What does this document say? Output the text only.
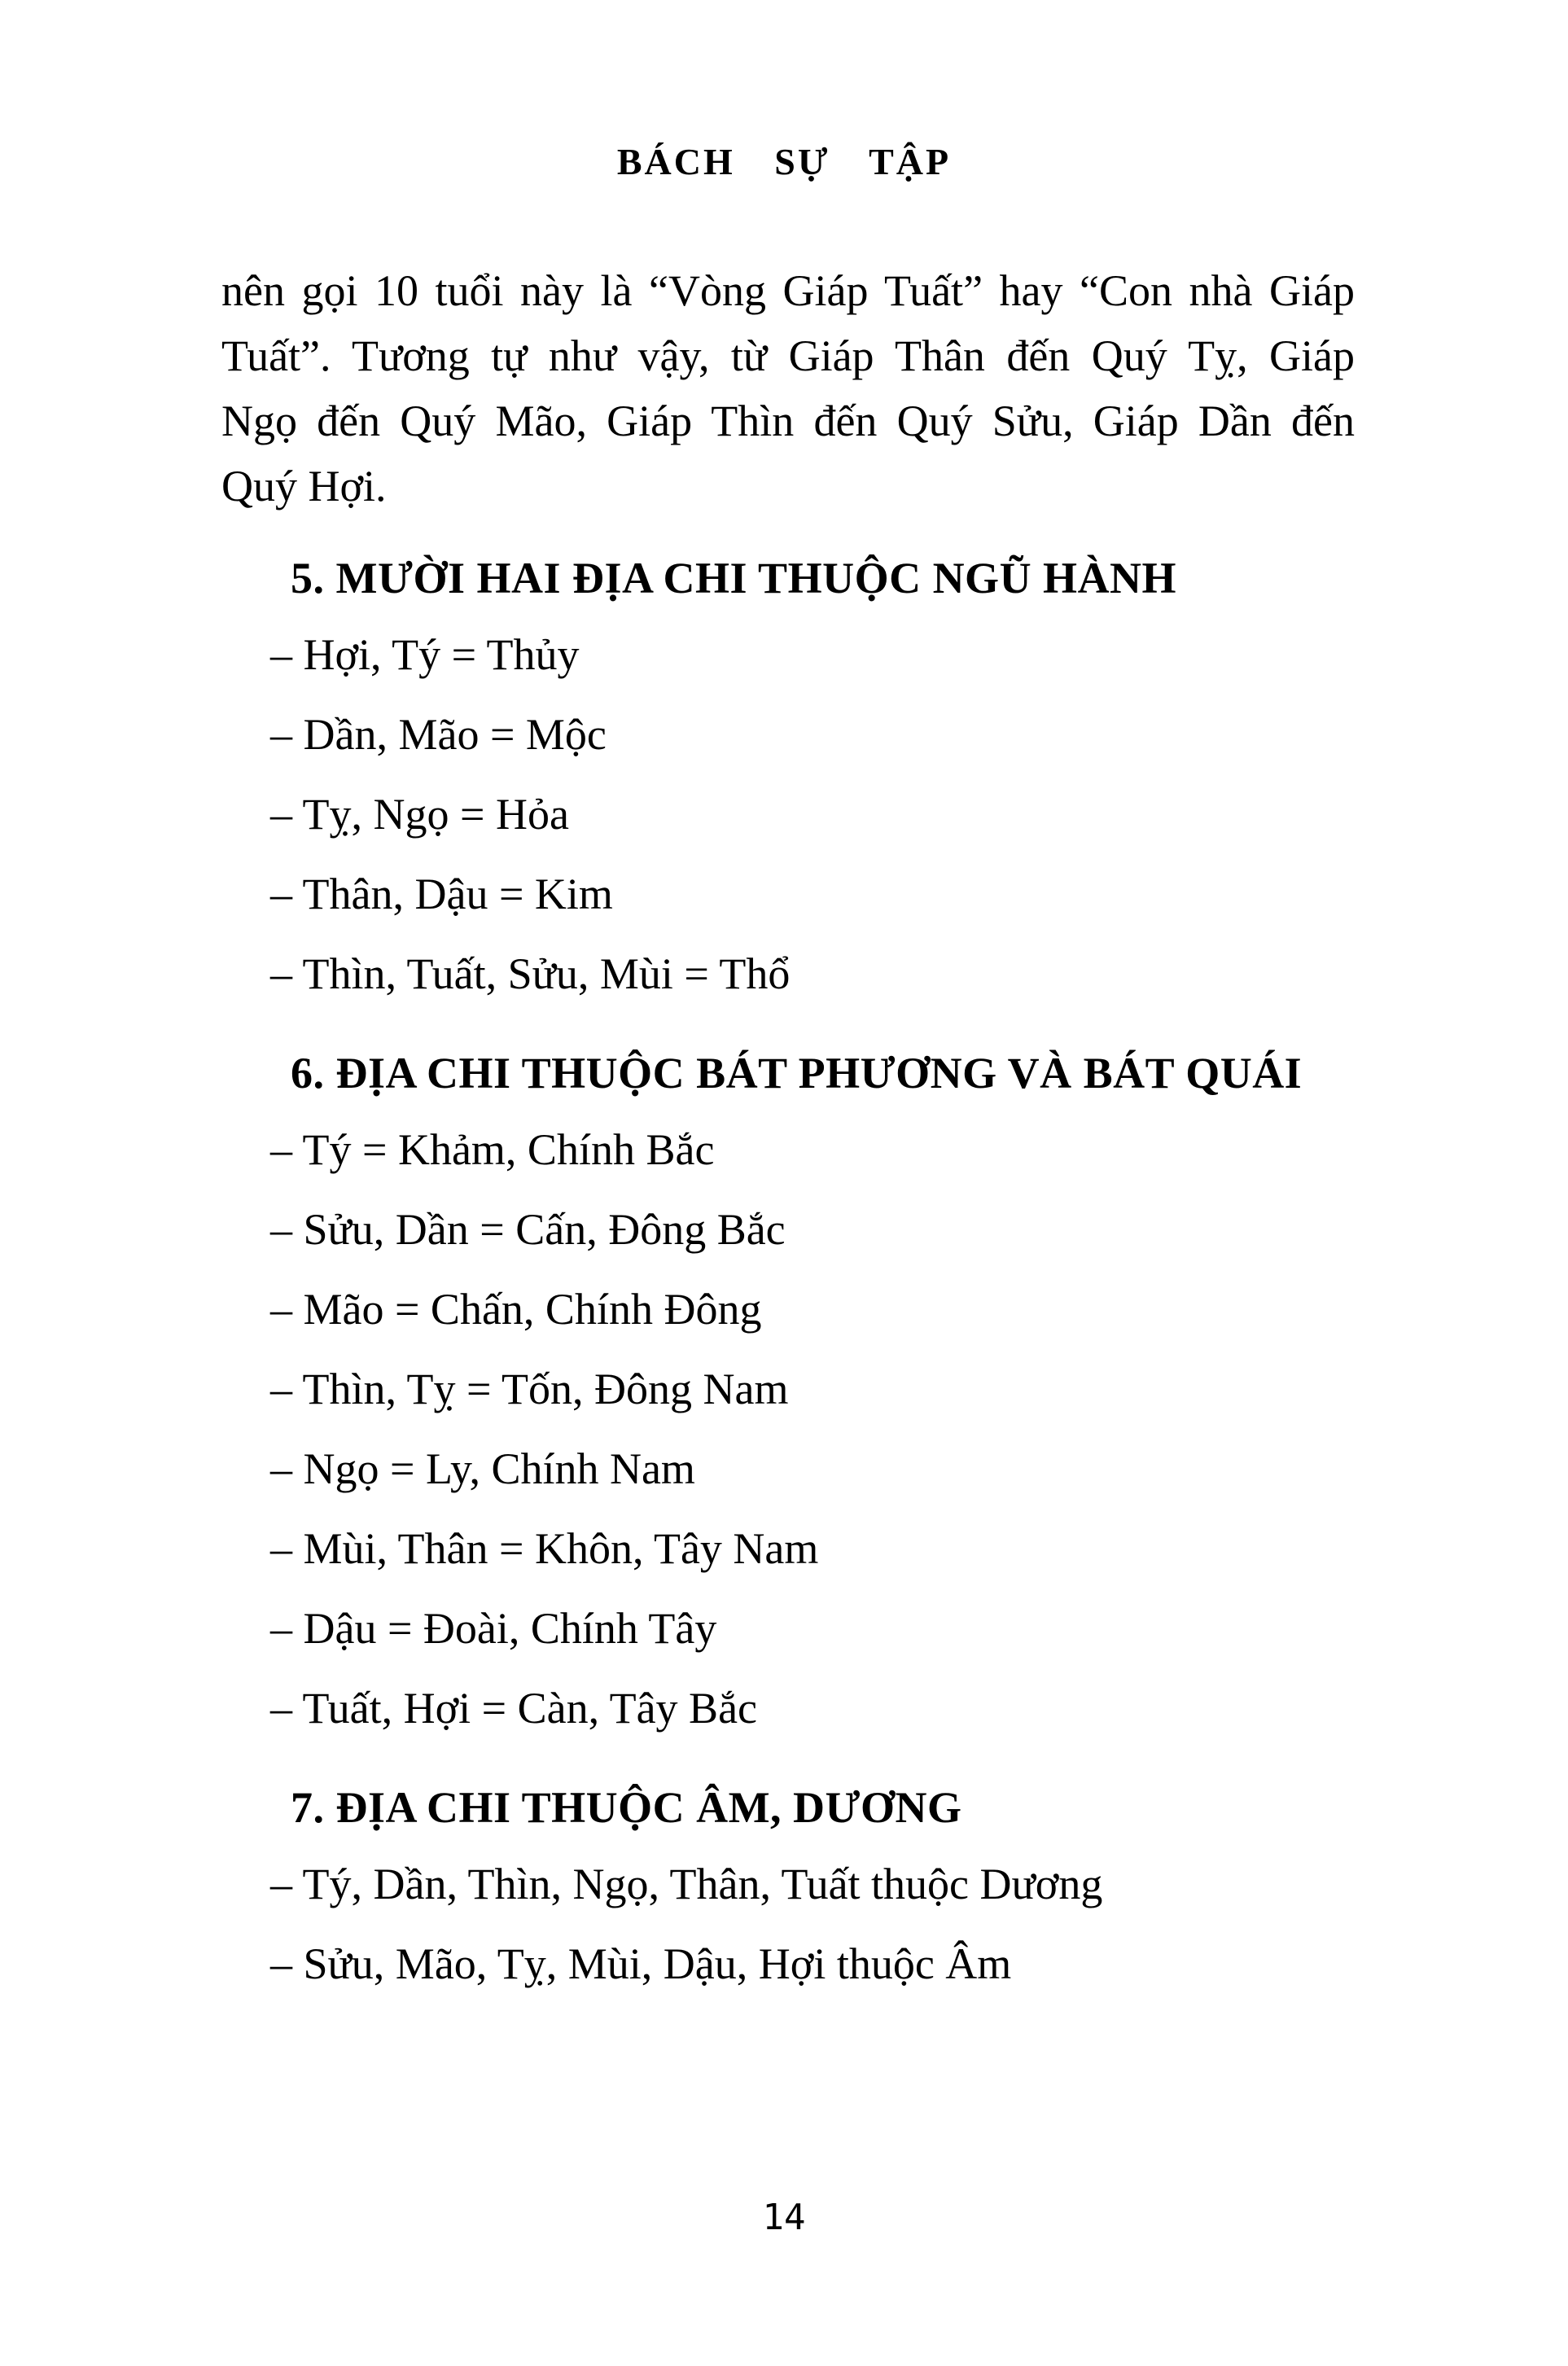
BÁCH SỰ TẬP
nên gọi 10 tuổi này là “Vòng Giáp Tuất” hay “Con nhà Giáp
Tuất”. Tương tự như vậy, từ Giáp Thân đến Quý Tỵ, Giáp
Ngọ đến Quý Mão, Giáp Thìn đến Quý Sửu, Giáp Dần đến
Quý Hợi.
5. MƯỜI HAI ĐỊA CHI THUỘC NGŨ HÀNH
– Hợi, Tý = Thủy
– Dần, Mão = Mộc
– Tỵ, Ngọ = Hỏa
– Thân, Dậu = Kim
– Thìn, Tuất, Sửu, Mùi = Thổ
6. ĐỊA CHI THUỘC BÁT PHƯƠNG VÀ BÁT QUÁI
– Tý = Khảm, Chính Bắc
– Sửu, Dần = Cấn, Đông Bắc
– Mão = Chấn, Chính Đông
– Thìn, Tỵ = Tốn, Đông Nam
– Ngọ = Ly, Chính Nam
– Mùi, Thân = Khôn, Tây Nam
– Dậu = Đoài, Chính Tây
– Tuất, Hợi = Càn, Tây Bắc
7. ĐỊA CHI THUỘC ÂM, DƯƠNG
– Tý, Dần, Thìn, Ngọ, Thân, Tuất thuộc Dương
– Sửu, Mão, Tỵ, Mùi, Dậu, Hợi thuộc Âm
14
